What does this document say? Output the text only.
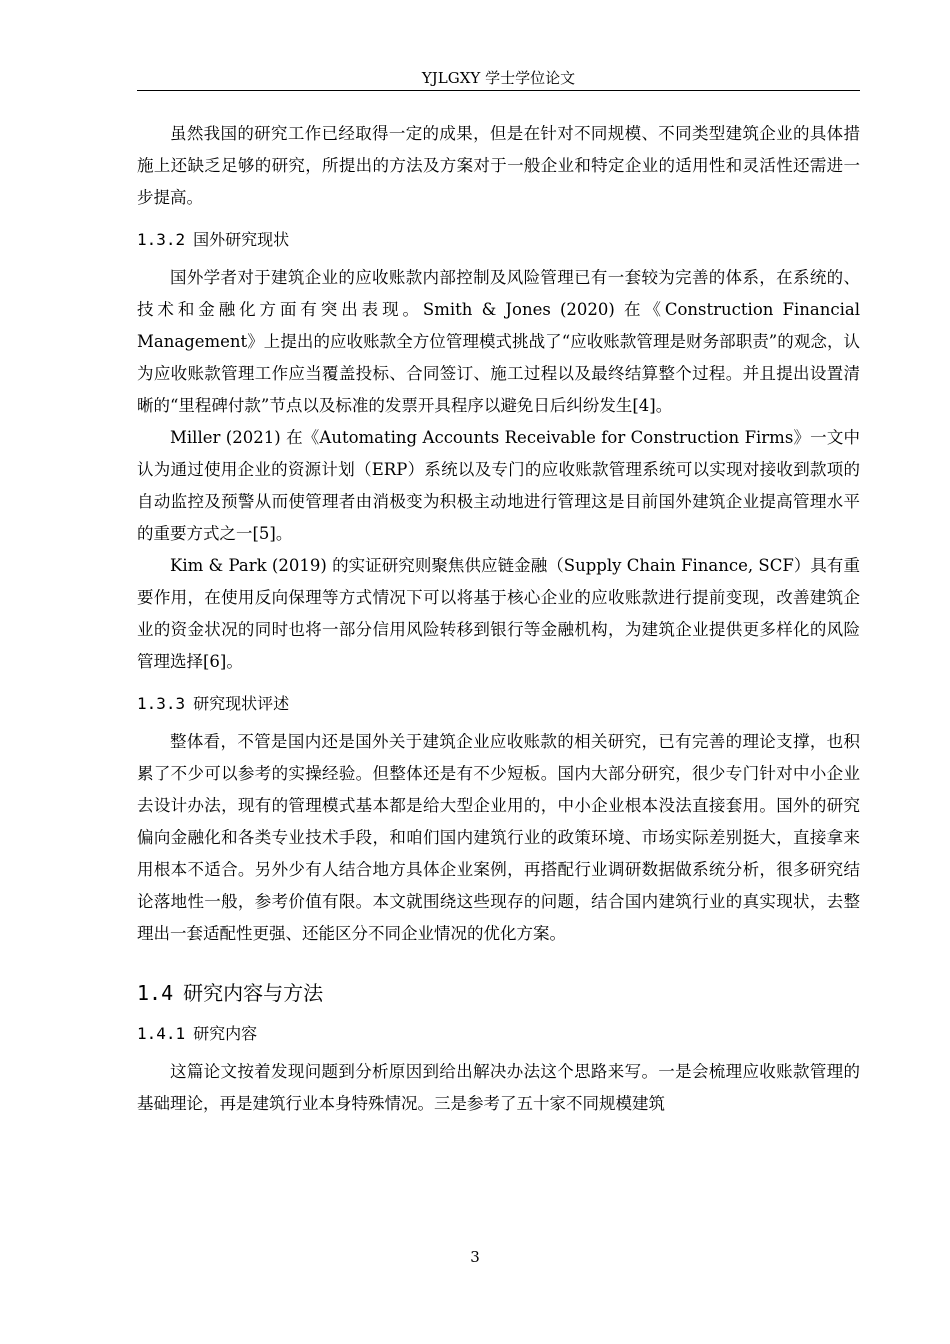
YJLGXY 学士学位论文

虽然我国的研究工作已经取得一定的成果，但是在针对不同规模、不同类型建筑企业的具体措施上还缺乏足够的研究，所提出的方法及方案对于一般企业和特定企业的适用性和灵活性还需进一步提高。

1.3.2 国外研究现状

国外学者对于建筑企业的应收账款内部控制及风险管理已有一套较为完善的体系，在系统的、技术和金融化方面有突出表现。Smith & Jones (2020) 在《Construction Financial Management》上提出的应收账款全方位管理模式挑战了“应收账款管理是财务部职责”的观念，认为应收账款管理工作应当覆盖投标、合同签订、施工过程以及最终结算整个过程。并且提出设置清晰的“里程碑付款”节点以及标准的发票开具程序以避免日后纠纷发生[4]。

Miller (2021) 在《Automating Accounts Receivable for Construction Firms》一文中认为通过使用企业的资源计划（ERP）系统以及专门的应收账款管理系统可以实现对接收到款项的自动监控及预警从而使管理者由消极变为积极主动地进行管理这是目前国外建筑企业提高管理水平的重要方式之一[5]。

Kim & Park (2019) 的实证研究则聚焦供应链金融（Supply Chain Finance, SCF）具有重要作用，在使用反向保理等方式情况下可以将基于核心企业的应收账款进行提前变现，改善建筑企业的资金状况的同时也将一部分信用风险转移到银行等金融机构，为建筑企业提供更多样化的风险管理选择[6]。

1.3.3 研究现状评述

整体看，不管是国内还是国外关于建筑企业应收账款的相关研究，已有完善的理论支撑，也积累了不少可以参考的实操经验。但整体还是有不少短板。国内大部分研究，很少专门针对中小企业去设计办法，现有的管理模式基本都是给大型企业用的，中小企业根本没法直接套用。国外的研究偏向金融化和各类专业技术手段，和咱们国内建筑行业的政策环境、市场实际差别挺大，直接拿来用根本不适合。另外少有人结合地方具体企业案例，再搭配行业调研数据做系统分析，很多研究结论落地性一般，参考价值有限。本文就围绕这些现存的问题，结合国内建筑行业的真实现状，去整理出一套适配性更强、还能区分不同企业情况的优化方案。

1.4 研究内容与方法
1.4.1 研究内容

这篇论文按着发现问题到分析原因到给出解决办法这个思路来写。一是会梳理应收账款管理的基础理论，再是建筑行业本身特殊情况。三是参考了五十家不同规模建筑

3
